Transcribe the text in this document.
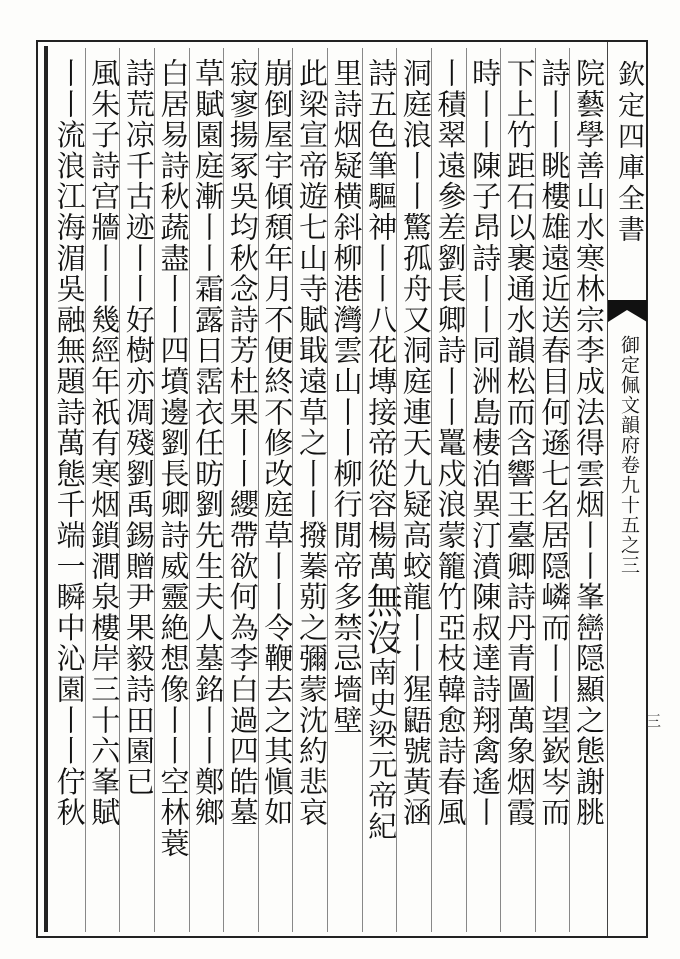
欽定四庫全書
御定佩文韻府卷九十五之三
三
院藝學善山水寒林宗李成法得雲烟丨丨峯巒隠顯之態謝脁
詩丨丨眺樓雄遠近送春目何遜七名居隠嶙而丨丨望嶔岑而
下上竹距石以裹通水韻松而含響王臺卿詩丹青圖萬象烟霞
時丨丨陳子昂詩丨丨同洲島棲泊異汀濆陳叔達詩翔禽遙丨
丨積翠遠參差劉長卿詩丨丨鼍戍浪蒙籠竹亞枝韓愈詩春風
洞庭浪丨丨驚孤舟又洞庭連天九疑高蛟龍丨丨猩鼯號黃涵
詩五色筆驅神丨丨八花塼接帝從容楊萬無沒南史梁元帝紀
里詩烟疑横斜柳港灣雲山丨丨柳行閒帝多禁忌墻壁
此梁宣帝遊七山寺賦戢遠草之丨丨撥蓁莂之彌蒙沈約悲哀
崩倒屋宇傾頹年月不便終不修改庭草丨丨令鞭去之其愼如
寂寥揚冢吳均秋念詩芳杜果丨丨纓帶欲何為李白過四皓墓
草賦園庭漸丨丨霜露日霑衣任昉劉先生夫人墓銘丨丨鄭鄉
白居易詩秋蔬盡丨丨四墳邊劉長卿詩威靈絶想像丨丨空林蓑
詩荒凉千古迹丨丨好樹亦凋殘劉禹錫贈尹果毅詩田園已
風朱子詩宫牆丨丨幾經年祇有寒烟鎖澗泉樓岸三十六峯賦
丨丨流浪江海湄吳融無題詩萬態千端一瞬中沁園丨丨佇秋
